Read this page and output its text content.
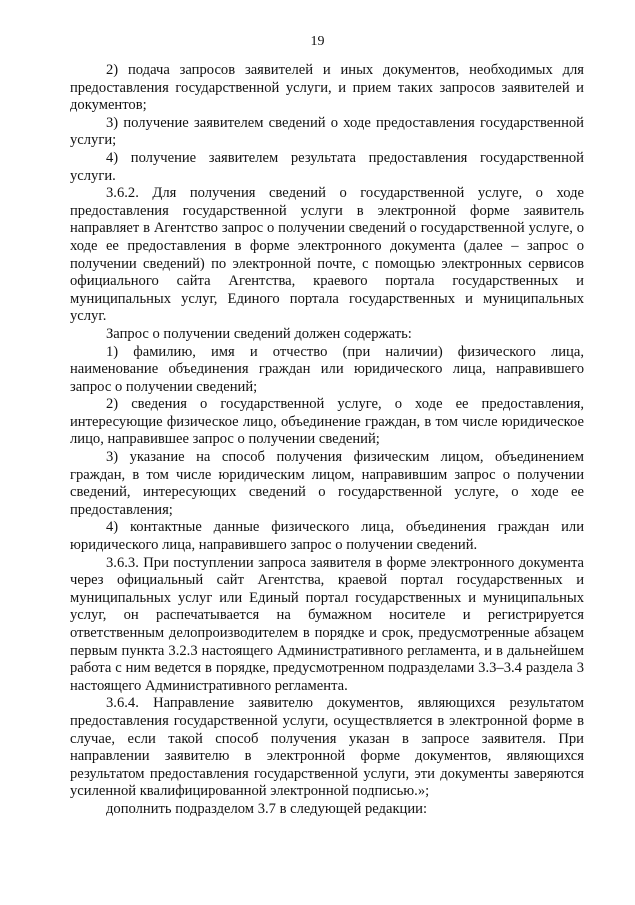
19

2) подача запросов заявителей и иных документов, необходимых для предоставления государственной услуги, и прием таких запросов заявителей и документов;

3) получение заявителем сведений о ходе предоставления государственной услуги;

4) получение заявителем результата предоставления государственной услуги.

3.6.2. Для получения сведений о государственной услуге, о ходе предоставления государственной услуги в электронной форме заявитель направляет в Агентство запрос о получении сведений о государственной услуге, о ходе ее предоставления в форме электронного документа (далее – запрос о получении сведений) по электронной почте, с помощью электронных сервисов официального сайта Агентства, краевого портала государственных и муниципальных услуг, Единого портала государственных и муниципальных услуг.

Запрос о получении сведений должен содержать:

1) фамилию, имя и отчество (при наличии) физического лица, наименование объединения граждан или юридического лица, направившего запрос о получении сведений;

2) сведения о государственной услуге, о ходе ее предоставления, интересующие физическое лицо, объединение граждан, в том числе юридическое лицо, направившее запрос о получении сведений;

3) указание на способ получения физическим лицом, объединением граждан, в том числе юридическим лицом, направившим запрос о получении сведений, интересующих сведений о государственной услуге, о ходе ее предоставления;

4) контактные данные физического лица, объединения граждан или юридического лица, направившего запрос о получении сведений.

3.6.3. При поступлении запроса заявителя в форме электронного документа через официальный сайт Агентства, краевой портал государственных и муниципальных услуг или Единый портал государственных и муниципальных услуг, он распечатывается на бумажном носителе и регистрируется ответственным делопроизводителем в порядке и срок, предусмотренные абзацем первым пункта 3.2.3 настоящего Административного регламента, и в дальнейшем работа с ним ведется в порядке, предусмотренном подразделами 3.3–3.4 раздела 3 настоящего Административного регламента.

3.6.4. Направление заявителю документов, являющихся результатом предоставления государственной услуги, осуществляется в электронной форме в случае, если такой способ получения указан в запросе заявителя. При направлении заявителю в электронной форме документов, являющихся результатом предоставления государственной услуги, эти документы заверяются усиленной квалифицированной электронной подписью.»;

дополнить подразделом 3.7 в следующей редакции:
